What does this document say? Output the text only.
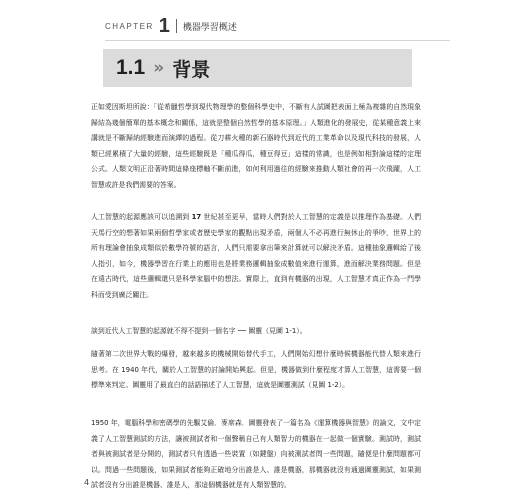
CHAPTER 1 機器學習概述
1.1 » 背景

正如愛因斯坦所說：「從希臘哲學到現代物理學的整個科學史中，不斷有人試圖把表面上極為複雜的自然現象歸結為幾個簡單的基本概念和關係，這就是整個自然哲學的基本原理。」人類進化的發展史，從某種意義上來講就是不斷歸納經驗進而演繹的過程。從刀耕火種的新石器時代到近代的工業革命以及現代科技的發展，人類已經累積了大量的經驗，這些經驗既是「種瓜得瓜，種豆得豆」這樣的常識，也是例如相對論這樣的定理公式。人類文明正沿著時間這條座標軸不斷前進，如何利用過往的經驗來推動人類社會的再一次飛躍，人工智慧或許是我們需要的答案。

人工智慧的起源應該可以追溯到 17 世紀甚至更早，當時人們對於人工智慧的定義是以推理作為基礎。人們天馬行空的想著如果兩個哲學家或者歷史學家的觀點出現矛盾，兩個人不必再進行無休止的爭吵，世界上的所有理論會抽象成類似於數學符號的語言，人們只需要拿出筆來計算就可以解決矛盾。這種抽象邏輯給了後人指引，如今，機器學習在行業上的應用也是將業務邏輯抽象成數值來進行運算，進而解決業務問題。但是在遠古時代，這些邏輯還只是科學家腦中的想法。實際上，直到有機器的出現，人工智慧才真正作為一門學科而受到廣泛關注。

談到近代人工智慧的起源就不得不提到一個名字 ── 圖靈（見圖 1-1）。

隨著第二次世界大戰的爆發，越來越多的機械開始替代手工，人們開始幻想什麼時候機器能代替人類來進行思考。在 1940 年代，關於人工智慧的討論開始興起。但是，機器做到什麼程度才算人工智慧，這需要一個標準來判定。圖靈用了最直白的話語描述了人工智慧，這就是圖靈測試（見圖 1-2）。

1950 年，電腦科學和密碼學的先驅艾倫．麥席森．圖靈發表了一篇名為《運算機器與智慧》的論文，文中定義了人工智慧測試的方法，讓被測試者和一個聲稱自己有人類智力的機器在一起做一個實驗。測試時，測試者與被測試者是分開的，測試者只有透過一些裝置（如鍵盤）向被測試者問一些問題，隨便是什麼問題都可以。問過一些問題後，如果測試者能夠正確地分出誰是人、誰是機器，那機器就沒有通過圖靈測試，如果測試者沒有分出誰是機器、誰是人，那這個機器就是有人類智慧的。

4
